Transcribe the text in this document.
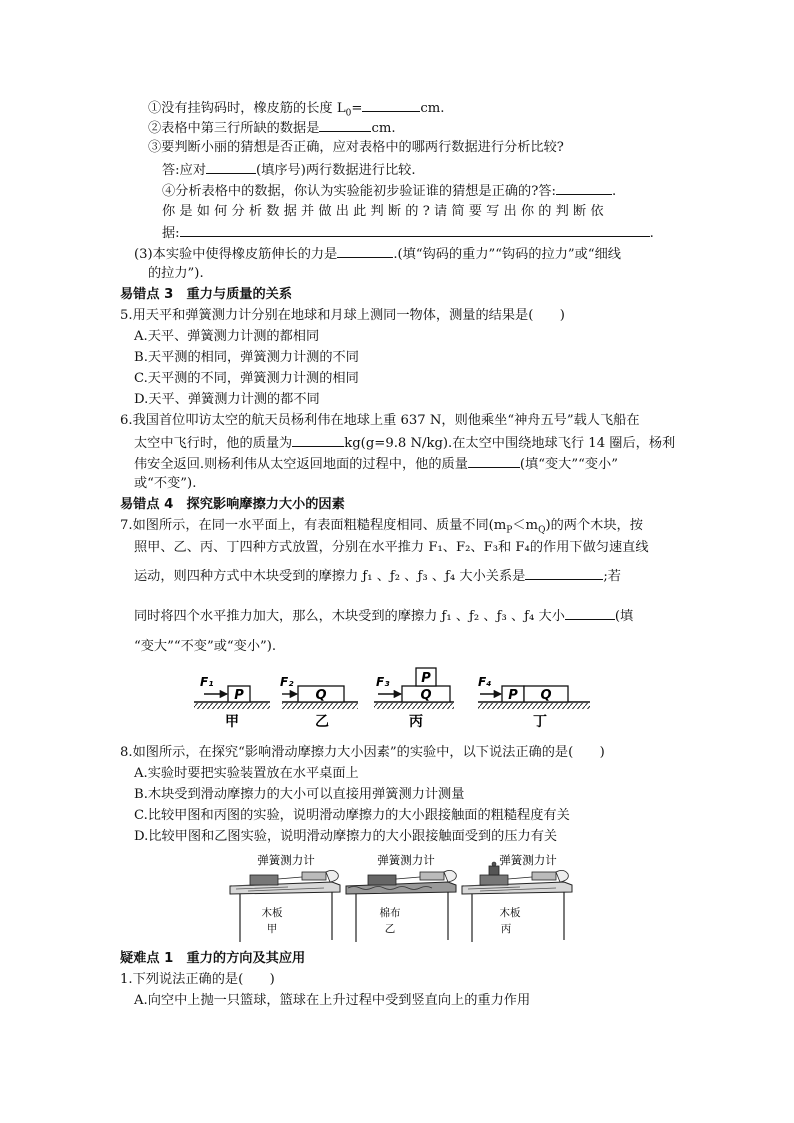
①没有挂钩码时，橡皮筋的长度 $L_0=$	cm.
②表格中第三行所缺的数据是	cm.
③要判断小丽的猜想是否正确，应对表格中的哪两行数据进行分析比较?
答:应对	(填序号)两行数据进行比较.
④分析表格中的数据，你认为实验能初步验证谁的猜想是正确的?答:	.
你 是 如 何 分 析 数 据 并 做 出 此 判 断 的 ? 请 简 要 写 出 你 的 判 断 依
据:	.
(3)本实验中使得橡皮筋伸长的力是	.(填“钩码的重力”“钩码的拉力”或“细线
的拉力”).
易错点 3　重力与质量的关系
5.用天平和弹簧测力计分别在地球和月球上测同一物体，测量的结果是(　　)
A.天平、弹簧测力计测的都相同
B.天平测的相同，弹簧测力计测的不同
C.天平测的不同，弹簧测力计测的相同
D.天平、弹簧测力计测的都不同
6.我国首位叩访太空的航天员杨利伟在地球上重 637 N，则他乘坐“神舟五号”载人飞船在
太空中飞行时，他的质量为	kg(g=9.8 N/kg).在太空中围绕地球飞行 14 圈后，杨利
伟安全返回.则杨利伟从太空返回地面的过程中，他的质量	(填“变大”“变小”
或“不变”).
易错点 4　探究影响摩擦力大小的因素
7.如图所示，在同一水平面上，有表面粗糙程度相同、质量不同$(m_P<m_Q)$的两个木块，按
照甲、乙、丙、丁四种方式放置，分别在水平推力 F₁、F₂、F₃和 F₄的作用下做匀速直线
运动，则四种方式中木块受到的摩擦力 ƒ₁ 、ƒ₂ 、ƒ₃ 、ƒ₄ 大小关系是	;若
同时将四个水平推力加大，那么，木块受到的摩擦力 ƒ₁ 、ƒ₂ 、ƒ₃ 、ƒ₄ 大小	(填
“变大”“不变”或“变小”).
P
F₁
甲
Q
F₂
乙
Q
P
F₃
丙
P Q
F₄
丁
8.如图所示，在探究“影响滑动摩擦力大小因素”的实验中，以下说法正确的是(　　)
A.实验时要把实验装置放在水平桌面上
B.木块受到滑动摩擦力的大小可以直接用弹簧测力计测量
C.比较甲图和丙图的实验，说明滑动摩擦力的大小跟接触面的粗糙程度有关
D.比较甲图和乙图实验，说明滑动摩擦力的大小跟接触面受到的压力有关
弹簧测力计
木板
甲
弹簧测力计
棉布
乙
弹簧测力计
木板
丙
疑难点 1　重力的方向及其应用
1.下列说法正确的是(　　)
A.向空中上抛一只篮球，篮球在上升过程中受到竖直向上的重力作用
